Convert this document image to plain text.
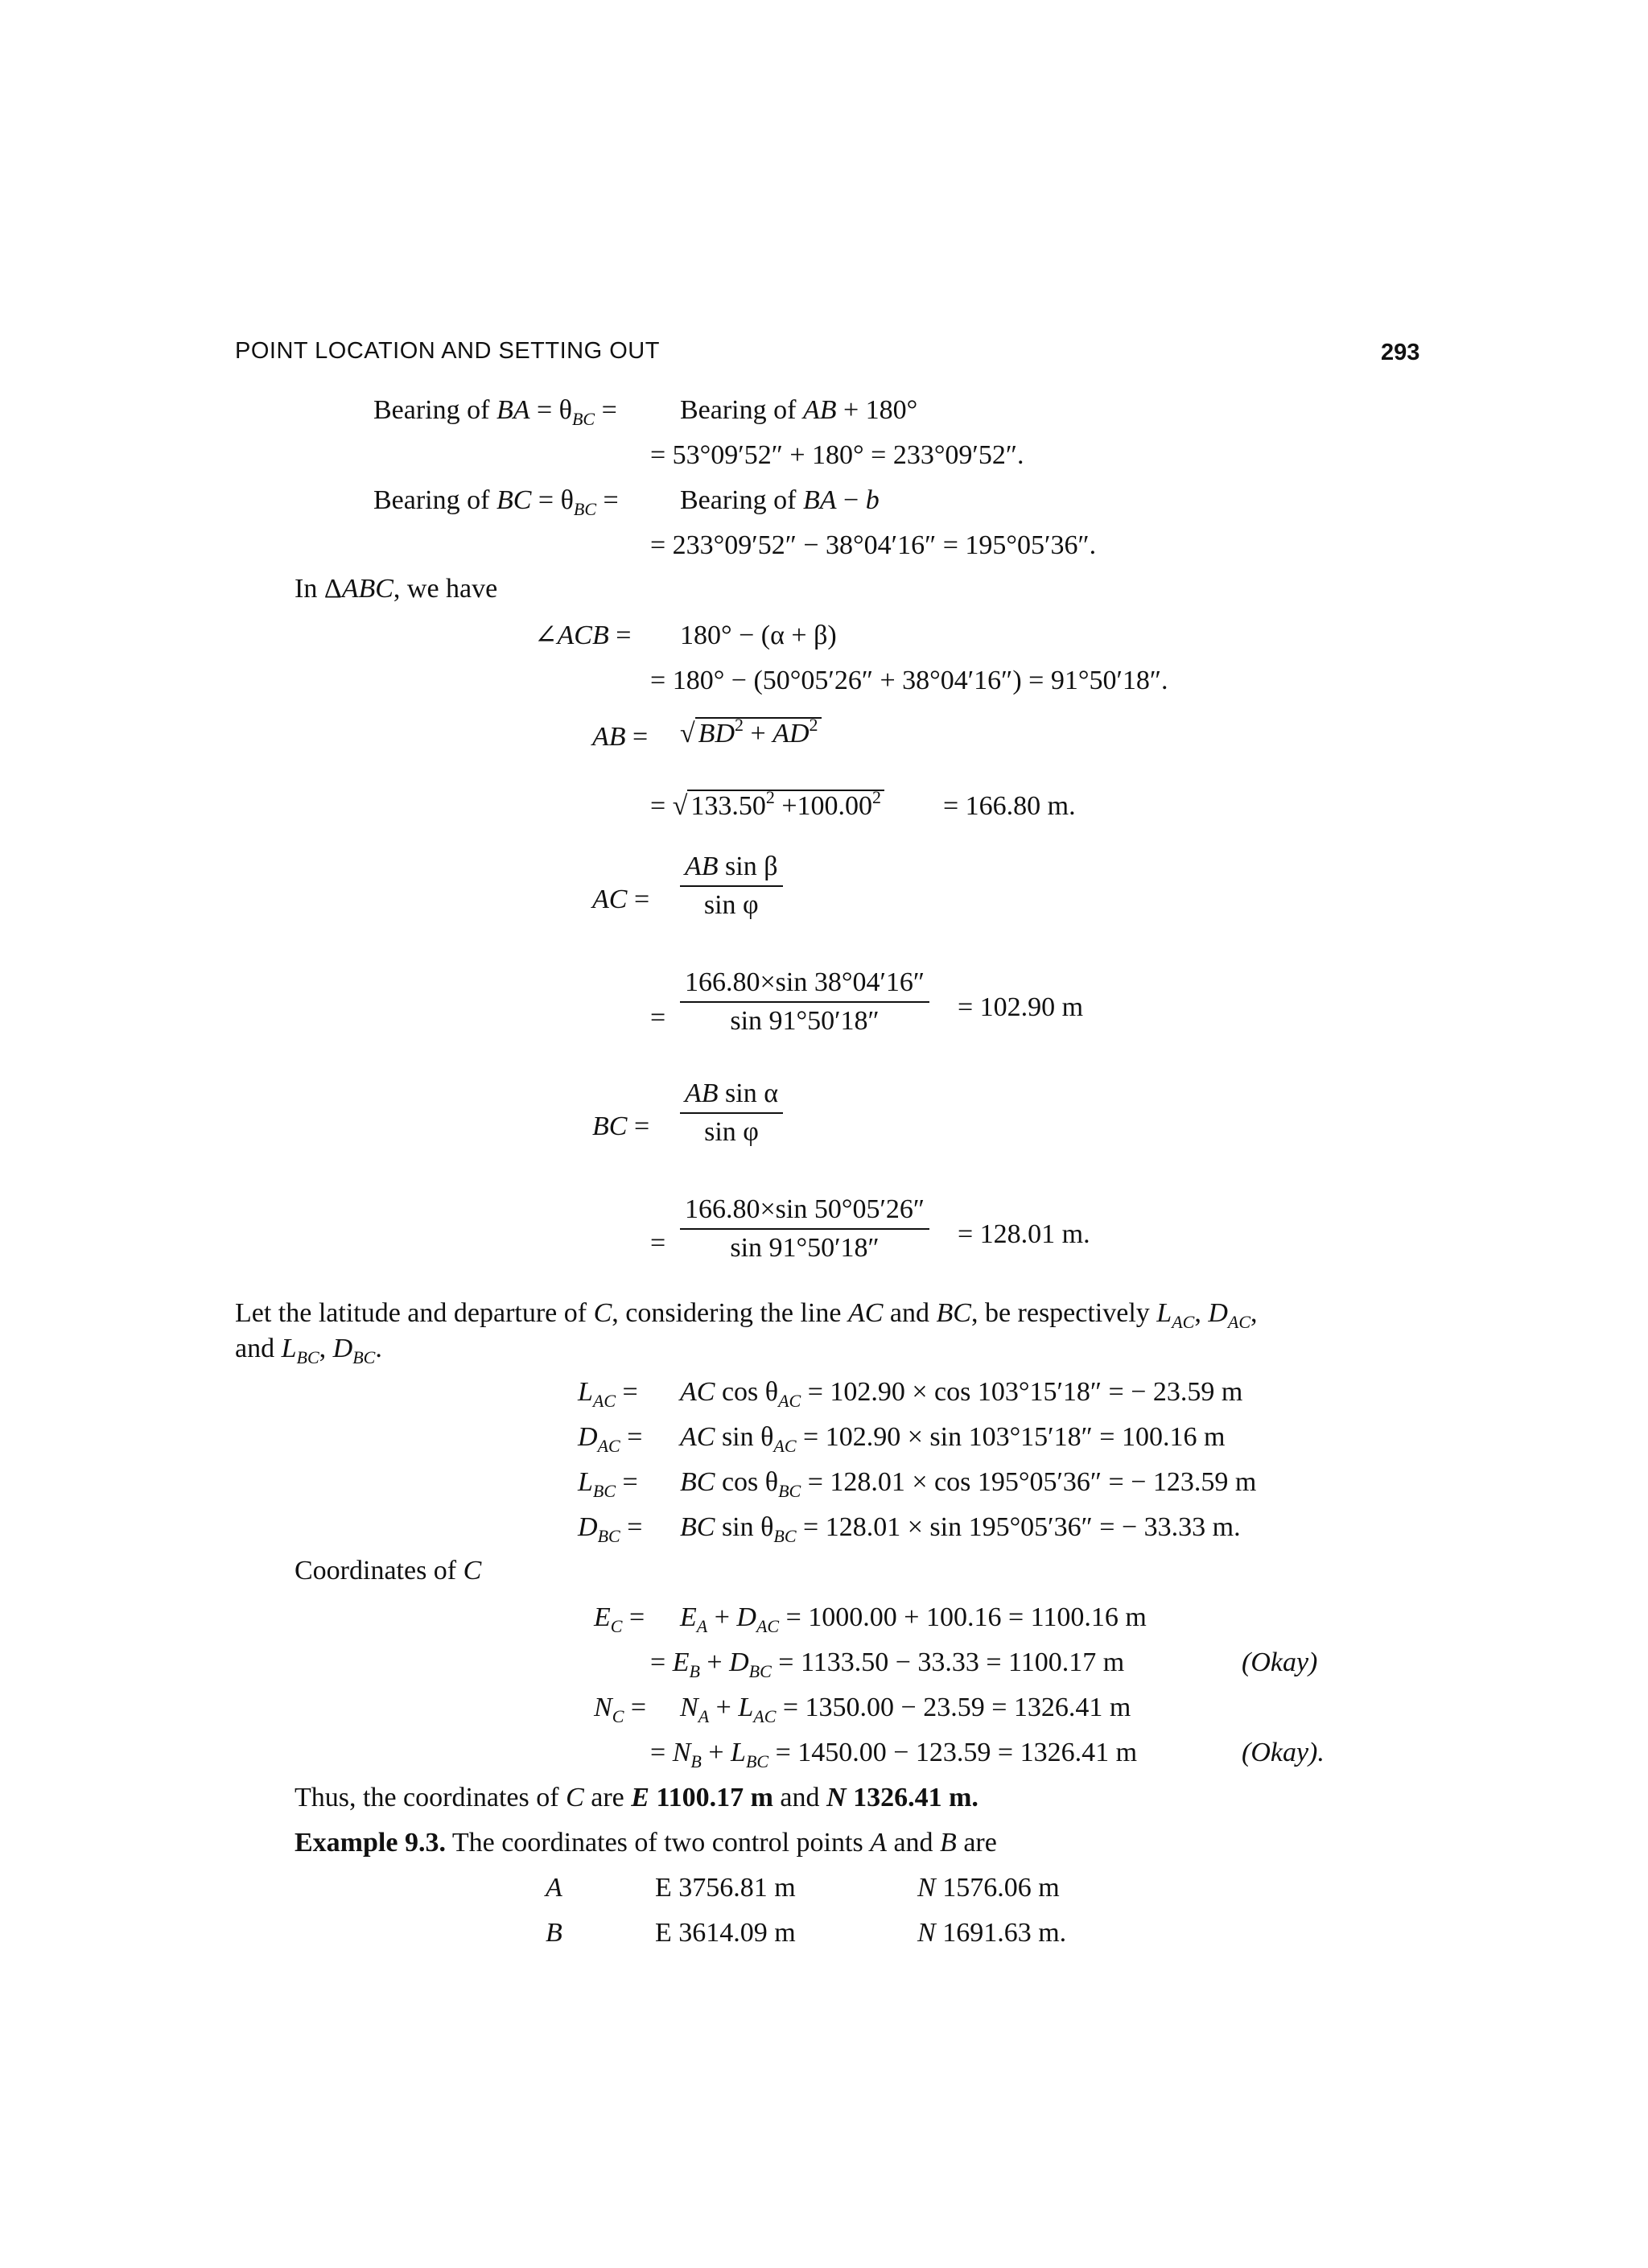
POINT LOCATION AND SETTING OUT	293
Bearing of BA = $\theta_{BC}$ = Bearing of AB + 180°
= 53°09′52″ + 180° = 233°09′52″.
Bearing of BC = $\theta_{BC}$ = Bearing of BA − b
= 233°09′52″ − 38°04′16″ = 195°05′36″.
In ΔABC, we have
∠ACB = 180° − (α + β)
= 180° − (50°05′26″ + 38°04′16″) = 91°50′18″.
AB = √ $BD^2 + AD^2$
= √ $133.50^2 +100.00^2 = 166.80$ m.
AC = $\frac{\text{AB sin β}}{\text{sin φ}}$
= $\frac{166.80\times\sin 38^\circ 04'16''}{\sin 91^\circ 50'18''} = 102.90$ m
BC = $\frac{\text{AB sin α}}{\text{sin φ}}$
= $\frac{166.80\times\sin 50^\circ 05'26''}{\sin 91^\circ 50'18''} = 128.01$ m.
Let the latitude and departure of C, considering the line AC and BC, be respectively $L_{AC}$, $D_{AC}$,
and $L_{BC}$, $D_{BC}$.
$L_{AC}$ = AC $\cos \theta_{AC} = 102.90 \times \cos 103^\circ 15'18''$ = − 23.59 m
$D_{AC}$ = AC $\sin \theta_{AC} = 102.90 \times \sin 103^\circ 15'18'' = 100.16$ m
$L_{BC}$ = BC $\cos \theta_{BC} = 128.01 \times \cos 195^\circ 05'36''$ = − 123.59 m
$D_{BC}$ = BC $\sin \theta_{BC} = 128.01 \times \sin 195^\circ 05'36''$ = − 33.33 m.
Coordinates of C
$E_C = E_A + D_{AC} = 1000.00 + 100.16 = 1100.16$ m
= $E_B + D_{BC} = 1133.50 - 33.33 = 1100.17$ m	(Okay)
$N_C = N_A + L_{AC} = 1350.00 - 23.59 = 1326.41$ m
= $N_B + L_{BC} = 1450.00 - 123.59 = 1326.41$ m	(Okay).
Thus, the coordinates of C are E 1100.17 m and N 1326.41 m.
Example 9.3. The coordinates of two control points A and B are
A	E 3756.81 m	N 1576.06 m
B	E 3614.09 m	N 1691.63 m.
